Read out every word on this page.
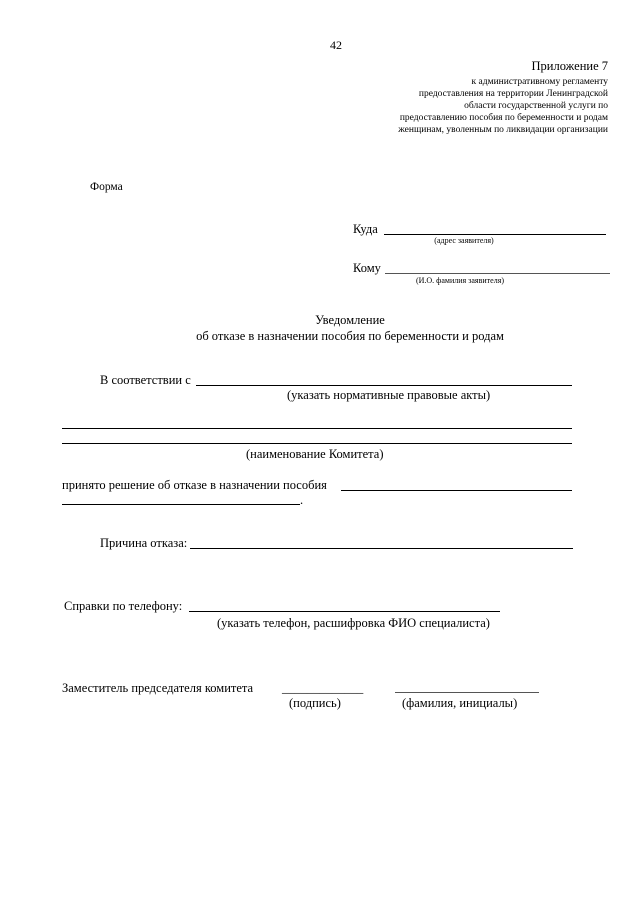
42
Приложение 7
к административному регламенту
предоставления на территории Ленинградской
области государственной услуги по
предоставлению пособия по беременности и родам
женщинам, уволенным по ликвидации организации
Форма
Куда
(адрес заявителя)
Кому
(И.О. фамилия заявителя)
Уведомление
об отказе в назначении пособия по беременности и родам
В соответствии с
(указать нормативные правовые акты)
(наименование Комитета)
принято решение об отказе в назначении пособия
.
Причина отказа:
Справки по телефону:
(указать телефон, расшифровка ФИО специалиста)
Заместитель председателя комитета _____________
(подпись)	(фамилия, инициалы)
